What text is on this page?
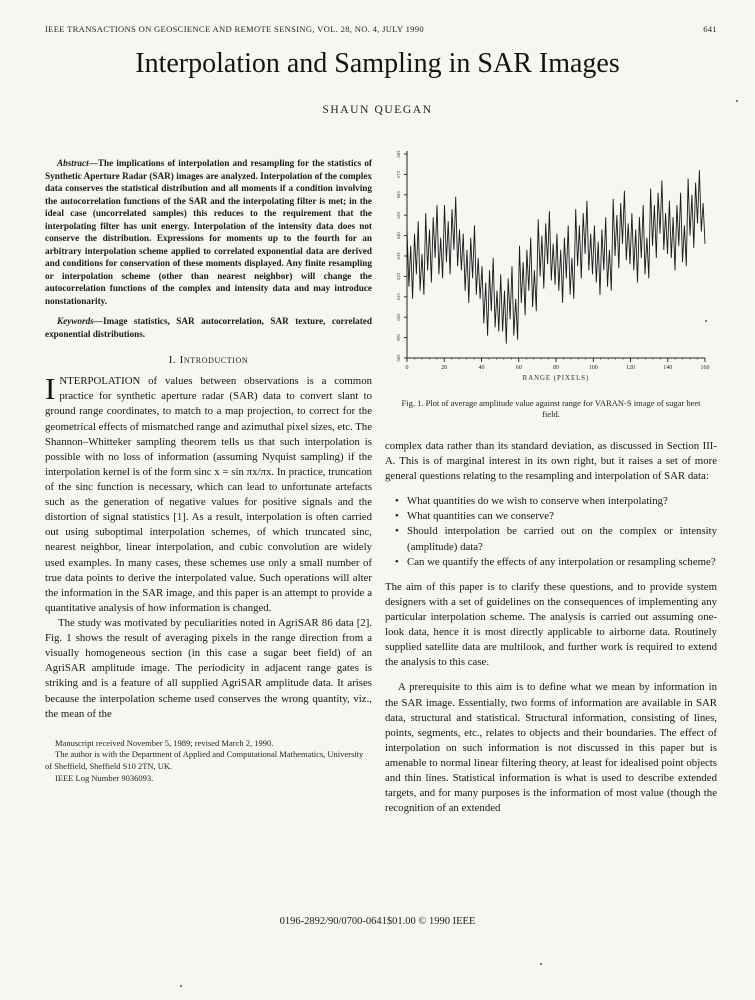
IEEE TRANSACTIONS ON GEOSCIENCE AND REMOTE SENSING, VOL. 28, NO. 4, JULY 1990	641
Interpolation and Sampling in SAR Images
SHAUN QUEGAN

Abstract—The implications of interpolation and resampling for the statistics of Synthetic Aperture Radar (SAR) images are analyzed. Interpolation of the complex data conserves the statistical distribution and all moments if a condition involving the autocorrelation functions of the SAR and the interpolating filter is met; in the ideal case (uncorrelated samples) this reduces to the requirement that the interpolating filter has unit energy. Interpolation of the intensity data does not conserve the distribution. Expressions for moments up to the fourth for an arbitrary interpolation scheme applied to correlated exponential data are derived and conditions for conservation of these moments displayed. Any finite resampling or interpolation scheme (other than nearest neighbor) will change the autocorrelation functions of the complex and intensity data and may introduce nonstationarity.

Keywords—Image statistics, SAR autocorrelation, SAR texture, correlated exponential distributions.

I. Introduction

INTERPOLATION of values between observations is a common practice for synthetic aperture radar (SAR) data to convert slant to ground range coordinates, to match to a map projection, to correct for the geometrical effects of mismatched range and azimuthal pixel sizes, etc. The Shannon–Whitteker sampling theorem tells us that such interpolation is possible with no loss of information (assuming Nyquist sampling) if the interpolation kernel is of the form sinc x = sin πx/πx. In practice, truncation of the sinc function is necessary, which can lead to unfortunate artefacts such as the generation of negative values for positive signals and the distortion of signal statistics [1]. As a result, interpolation is often carried out using suboptimal interpolation schemes, of which truncated sinc, nearest neighbor, linear interpolation, and cubic convolution are widely used examples. In many cases, these schemes use only a small number of true data points to derive the interpolated value. Such operations will alter the information in the SAR image, and this paper is an attempt to provide a quantitative analysis of how information is changed.

The study was motivated by peculiarities noted in AgriSAR 86 data [2]. Fig. 1 shows the result of averaging pixels in the range direction from a visually homogeneous section (in this case a sugar beet field) of an AgriSAR amplitude image. The periodicity in adjacent range gates is striking and is a feature of all supplied AgriSAR amplitude data. It arises because the interpolation scheme used conserves the wrong quantity, viz., the mean of the

Manuscript received November 5, 1989; revised March 2, 1990.

The author is with the Department of Applied and Computational Mathematics, University of Sheffield, Sheffield S10 2TN, UK.

IEEE Log Number 9036093.

0	20	40	60	80	100	120	140	160
583
593
603
613
623
633
643
653
663
673
683
RANGE (PIXELS)
Fig. 1. Plot of average amplitude value against range for VARAN-S image of sugar beet field.

complex data rather than its standard deviation, as discussed in Section III-A. This is of marginal interest in its own right, but it raises a set of more general questions relating to the resampling and interpolation of SAR data:

• What quantities do we wish to conserve when interpolating?
• What quantities can we conserve?
• Should interpolation be carried out on the complex or intensity (amplitude) data?
• Can we quantify the effects of any interpolation or resampling scheme?

The aim of this paper is to clarify these questions, and to provide system designers with a set of guidelines on the consequences of implementing any particular interpolation scheme. The analysis is carried out assuming one-look data, hence it is most directly applicable to airborne data. Routinely supplied satellite data are multilook, and further work is required to extend the analysis to this case.

A prerequisite to this aim is to define what we mean by information in the SAR image. Essentially, two forms of information are available in SAR data, structural and statistical. Structural information, consisting of lines, points, segments, etc., relates to objects and their boundaries. The effect of interpolation on such information is not discussed in this paper but is amenable to normal linear filtering theory, at least for idealised point objects and thin lines. Statistical information is what is used to describe extended targets, and for many purposes is the information of most value (though the recognition of an extended

0196-2892/90/0700-0641$01.00 © 1990 IEEE
